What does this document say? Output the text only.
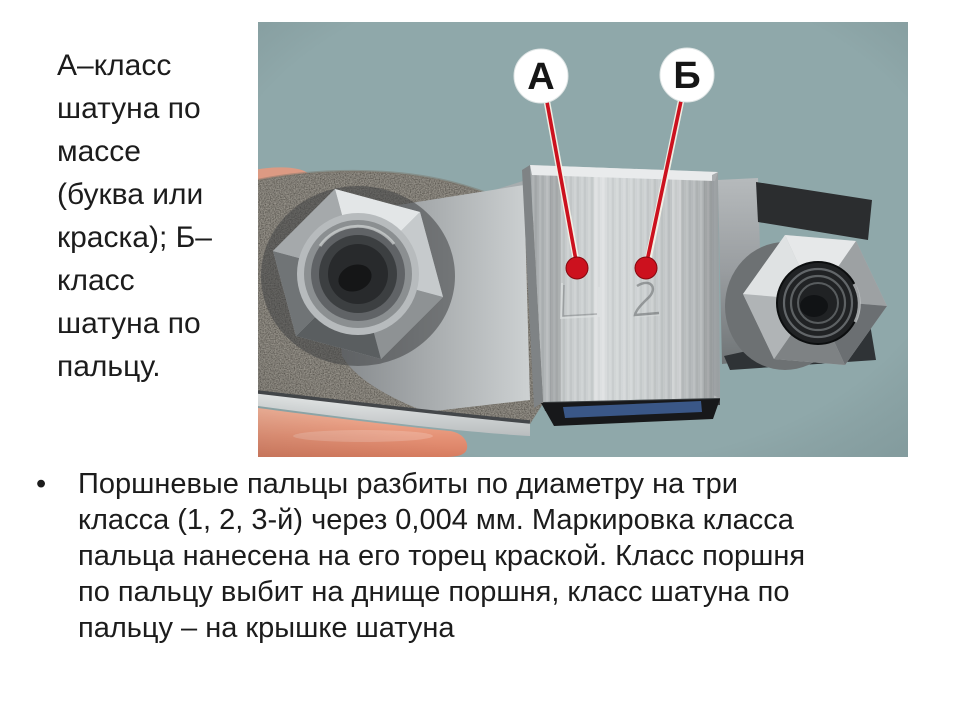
А–класс
шатуна по
массе
(буква или
краска); Б–
класс
шатуна по
пальцу.
А	Б
•	Поршневые пальцы разбиты по диаметру на три
класса (1, 2, 3-й) через 0,004 мм. Маркировка класса
пальца нанесена на его торец краской. Класс поршня
по пальцу выбит на днище поршня, класс шатуна по
пальцу – на крышке шатуна
